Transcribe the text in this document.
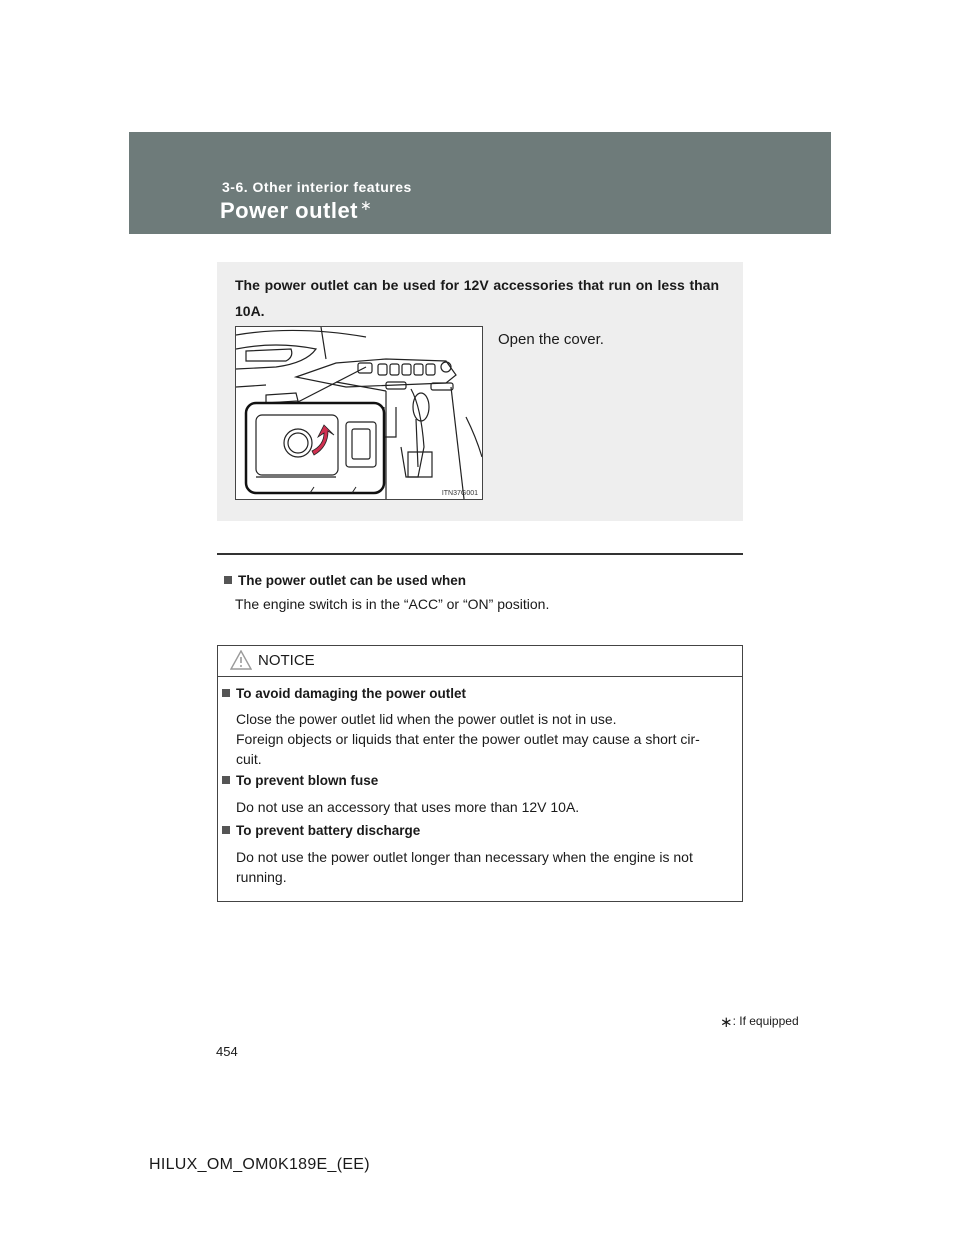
3-6. Other interior features
Power outlet ∗
The power outlet can be used for 12V accessories that run on less than 10A.
ITN37G001
Open the cover.
The power outlet can be used when
The engine switch is in the “ACC” or “ON” position.
NOTICE
To avoid damaging the power outlet
Close the power outlet lid when the power outlet is not in use.
Foreign objects or liquids that enter the power outlet may cause a short cir-
cuit.
To prevent blown fuse
Do not use an accessory that uses more than 12V 10A.
To prevent battery discharge
Do not use the power outlet longer than necessary when the engine is not
running.
∗: If equipped
454
HILUX_OM_OM0K189E_(EE)
